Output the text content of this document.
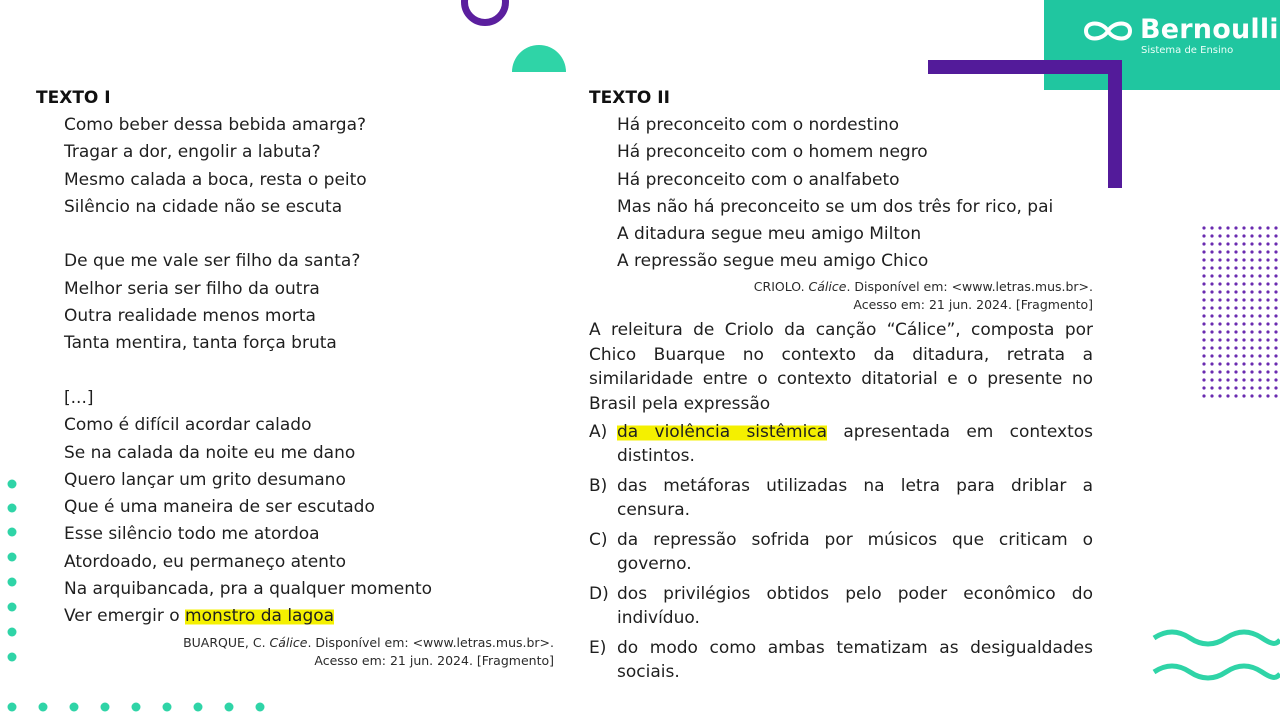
Bernoulli
Sistema de Ensino
TEXTO I
Como beber dessa bebida amarga?
Tragar a dor, engolir a labuta?
Mesmo calada a boca, resta o peito
Silêncio na cidade não se escuta

De que me vale ser filho da santa?
Melhor seria ser filho da outra
Outra realidade menos morta
Tanta mentira, tanta força bruta

[...]
Como é difícil acordar calado
Se na calada da noite eu me dano
Quero lançar um grito desumano
Que é uma maneira de ser escutado
Esse silêncio todo me atordoa
Atordoado, eu permaneço atento
Na arquibancada, pra a qualquer momento
Ver emergir o monstro da lagoa
BUARQUE, C. Cálice. Disponível em: <www.letras.mus.br>.
Acesso em: 21 jun. 2024. [Fragmento]
TEXTO II
Há preconceito com o nordestino
Há preconceito com o homem negro
Há preconceito com o analfabeto
Mas não há preconceito se um dos três for rico, pai
A ditadura segue meu amigo Milton
A repressão segue meu amigo Chico
CRIOLO. Cálice. Disponível em: <www.letras.mus.br>.
Acesso em: 21 jun. 2024. [Fragmento]
A releitura de Criolo da canção “Cálice”, composta por Chico Buarque no contexto da ditadura, retrata a similaridade entre o contexto ditatorial e o presente no Brasil pela expressão
A) da violência sistêmica apresentada em contextos distintos.
B) das metáforas utilizadas na letra para driblar a censura.
C) da repressão sofrida por músicos que criticam o governo.
D) dos privilégios obtidos pelo poder econômico do indivíduo.
E) do modo como ambas tematizam as desigualdades sociais.
